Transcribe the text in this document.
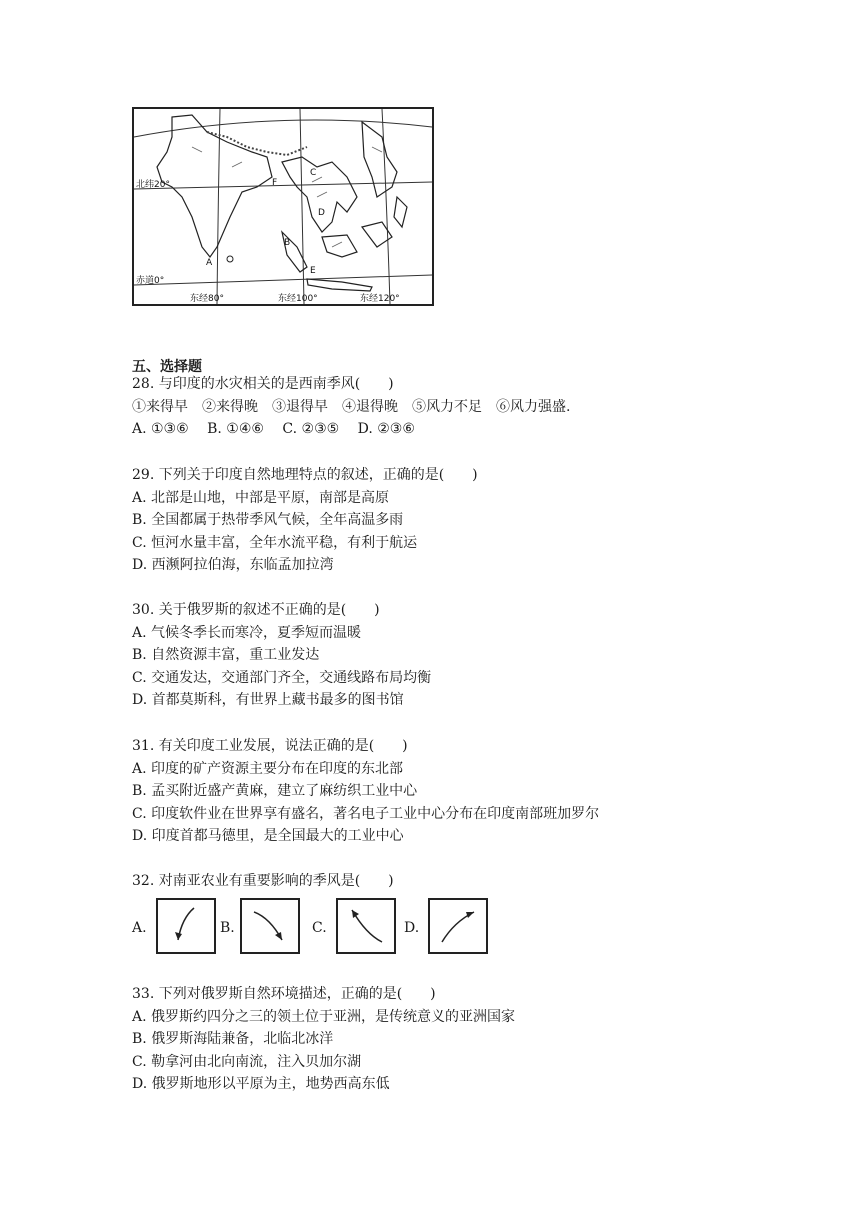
北纬20°
赤道0°
东经80°	东经100°	东经120°
A
B
C
D
E
F
五、选择题

28. 与印度的水灾相关的是西南季风(　　)

①来得早　②来得晚　③退得早　④退得晚　⑤风力不足　⑥风力强盛.

A. ①③⑥　 B. ①④⑥　 C. ②③⑤　 D. ②③⑥

29. 下列关于印度自然地理特点的叙述，正确的是(　　)

A. 北部是山地，中部是平原，南部是高原

B. 全国都属于热带季风气候，全年高温多雨

C. 恒河水量丰富，全年水流平稳，有利于航运

D. 西濒阿拉伯海，东临孟加拉湾

30. 关于俄罗斯的叙述不正确的是(　　)

A. 气候冬季长而寒冷，夏季短而温暖

B. 自然资源丰富，重工业发达

C. 交通发达，交通部门齐全，交通线路布局均衡

D. 首都莫斯科，有世界上藏书最多的图书馆

31. 有关印度工业发展，说法正确的是(　　)

A. 印度的矿产资源主要分布在印度的东北部

B. 孟买附近盛产黄麻，建立了麻纺织工业中心

C. 印度软件业在世界享有盛名，著名电子工业中心分布在印度南部班加罗尔

D. 印度首都马德里，是全国最大的工业中心

32. 对南亚农业有重要影响的季风是(　　)

A.	B.	C.	D.

33. 下列对俄罗斯自然环境描述，正确的是(　　)

A. 俄罗斯约四分之三的领土位于亚洲，是传统意义的亚洲国家

B. 俄罗斯海陆兼备，北临北冰洋

C. 勒拿河由北向南流，注入贝加尔湖

D. 俄罗斯地形以平原为主，地势西高东低
